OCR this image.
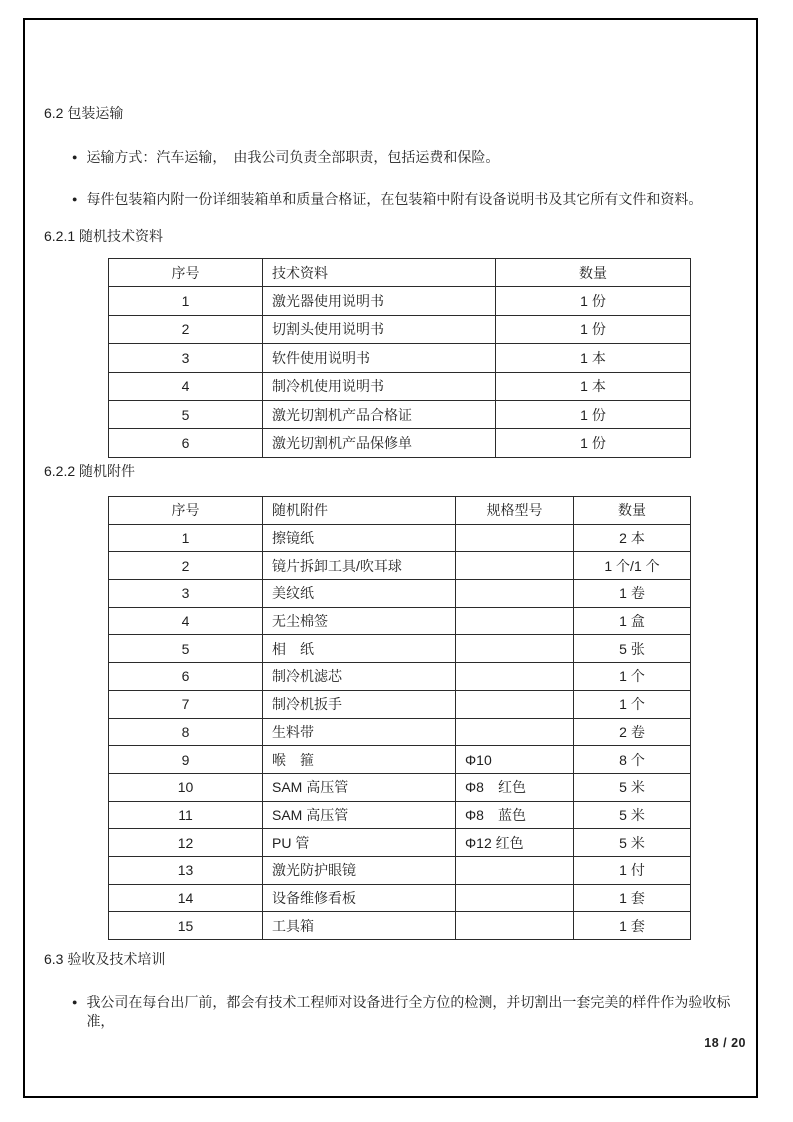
6.2 包装运输
● 运输方式：汽车运输，　由我公司负责全部职责，包括运费和保险。
● 每件包装箱内附一份详细装箱单和质量合格证，在包装箱中附有设备说明书及其它所有文件和资料。
6.2.1 随机技术资料
序号	技术资料	数量
1	激光器使用说明书	1 份
2	切割头使用说明书	1 份
3	软件使用说明书	1 本
4	制冷机使用说明书	1 本
5	激光切割机产品合格证	1 份
6	激光切割机产品保修单	1 份
6.2.2 随机附件
序号	随机附件	规格型号	数量
1	擦镜纸		2 本
2	镜片拆卸工具/吹耳球		1 个/1 个
3	美纹纸		1 卷
4	无尘棉签		1 盒
5	相　纸		5 张
6	制冷机滤芯		1 个
7	制冷机扳手		1 个
8	生料带		2 卷
9	喉　箍	Φ10	8 个
10	SAM 高压管	Φ8　红色	5 米
11	SAM 高压管	Φ8　蓝色	5 米
12	PU 管	Φ12 红色	5 米
13	激光防护眼镜		1 付
14	设备维修看板		1 套
15	工具箱		1 套
6.3 验收及技术培训
● 我公司在每台出厂前，都会有技术工程师对设备进行全方位的检测，并切割出一套完美的样件作为验收标准，
18 / 20
